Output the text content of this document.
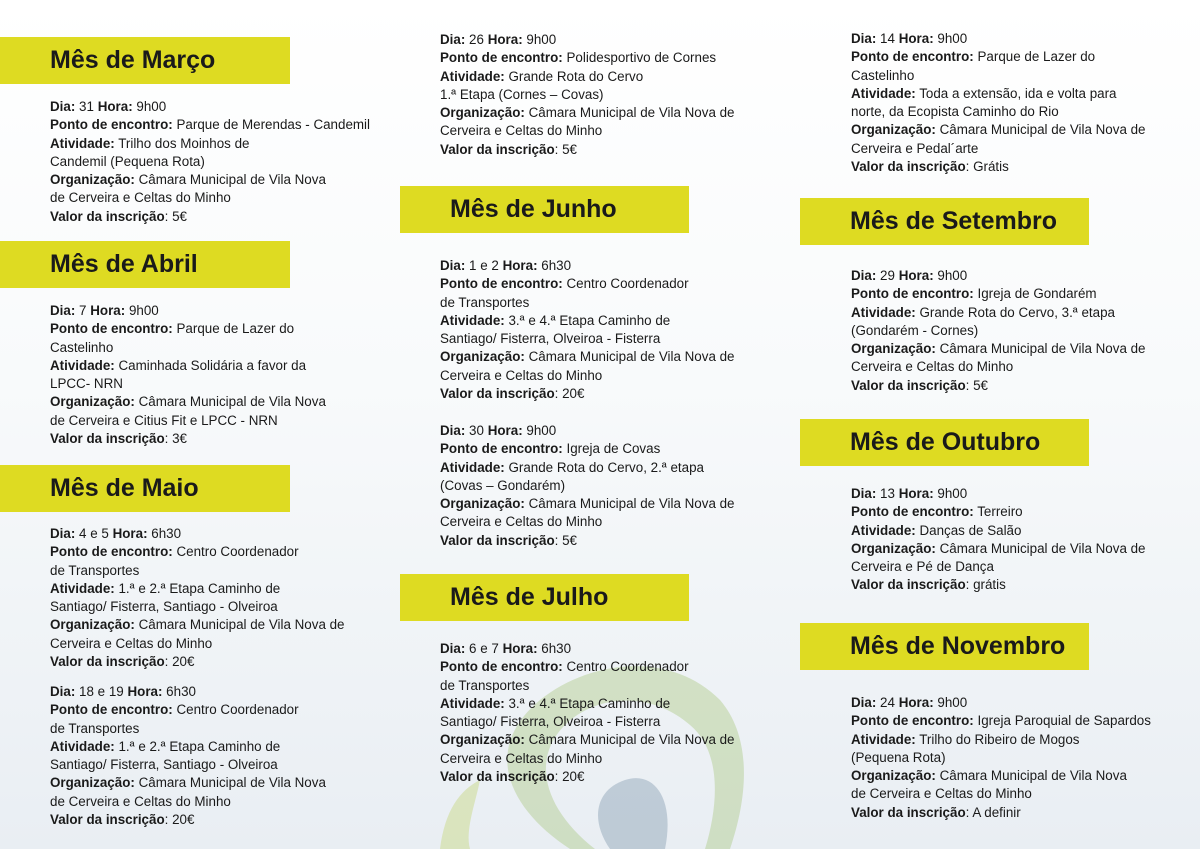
Mês de Março
Dia: 31 Hora: 9h00
Ponto de encontro: Parque de Merendas - Candemil
Atividade: Trilho dos Moinhos de
Candemil (Pequena Rota)
Organização: Câmara Municipal de Vila Nova
de Cerveira e Celtas do Minho
Valor da inscrição: 5€
Mês de Abril
Dia: 7 Hora: 9h00
Ponto de encontro: Parque de Lazer do
Castelinho
Atividade: Caminhada Solidária a favor da
LPCC- NRN
Organização: Câmara Municipal de Vila Nova
de Cerveira e Citius Fit e LPCC - NRN
Valor da inscrição: 3€
Mês de Maio
Dia: 4 e 5 Hora: 6h30
Ponto de encontro: Centro Coordenador
de Transportes
Atividade: 1.ª e 2.ª Etapa Caminho de
Santiago/ Fisterra, Santiago - Olveiroa
Organização: Câmara Municipal de Vila Nova de
Cerveira e Celtas do Minho
Valor da inscrição: 20€
Dia: 18 e 19 Hora: 6h30
Ponto de encontro: Centro Coordenador
de Transportes
Atividade: 1.ª e 2.ª Etapa Caminho de
Santiago/ Fisterra, Santiago - Olveiroa
Organização: Câmara Municipal de Vila Nova
de Cerveira e Celtas do Minho
Valor da inscrição: 20€
Dia: 26 Hora: 9h00
Ponto de encontro: Polidesportivo de Cornes
Atividade: Grande Rota do Cervo
1.ª Etapa (Cornes – Covas)
Organização: Câmara Municipal de Vila Nova de
Cerveira e Celtas do Minho
Valor da inscrição: 5€
Mês de Junho
Dia: 1 e 2 Hora: 6h30
Ponto de encontro: Centro Coordenador
de Transportes
Atividade: 3.ª e 4.ª Etapa Caminho de
Santiago/ Fisterra, Olveiroa - Fisterra
Organização: Câmara Municipal de Vila Nova de
Cerveira e Celtas do Minho
Valor da inscrição: 20€
Dia: 30 Hora: 9h00
Ponto de encontro: Igreja de Covas
Atividade: Grande Rota do Cervo, 2.ª etapa
(Covas – Gondarém)
Organização: Câmara Municipal de Vila Nova de
Cerveira e Celtas do Minho
Valor da inscrição: 5€
Mês de Julho
Dia: 6 e 7 Hora: 6h30
Ponto de encontro: Centro Coordenador
de Transportes
Atividade: 3.ª e 4.ª Etapa Caminho de
Santiago/ Fisterra, Olveiroa - Fisterra
Organização: Câmara Municipal de Vila Nova de
Cerveira e Celtas do Minho
Valor da inscrição: 20€
Dia: 14 Hora: 9h00
Ponto de encontro: Parque de Lazer do
Castelinho
Atividade: Toda a extensão, ida e volta para
norte, da Ecopista Caminho do Rio
Organização: Câmara Municipal de Vila Nova de
Cerveira e Pedal´arte
Valor da inscrição: Grátis
Mês de Setembro
Dia: 29 Hora: 9h00
Ponto de encontro: Igreja de Gondarém
Atividade: Grande Rota do Cervo, 3.ª etapa
(Gondarém - Cornes)
Organização: Câmara Municipal de Vila Nova de
Cerveira e Celtas do Minho
Valor da inscrição: 5€
Mês de Outubro
Dia: 13 Hora: 9h00
Ponto de encontro: Terreiro
Atividade: Danças de Salão
Organização: Câmara Municipal de Vila Nova de
Cerveira e Pé de Dança
Valor da inscrição: grátis
Mês de Novembro
Dia: 24 Hora: 9h00
Ponto de encontro: Igreja Paroquial de Sapardos
Atividade: Trilho do Ribeiro de Mogos
(Pequena Rota)
Organização: Câmara Municipal de Vila Nova
de Cerveira e Celtas do Minho
Valor da inscrição: A definir
